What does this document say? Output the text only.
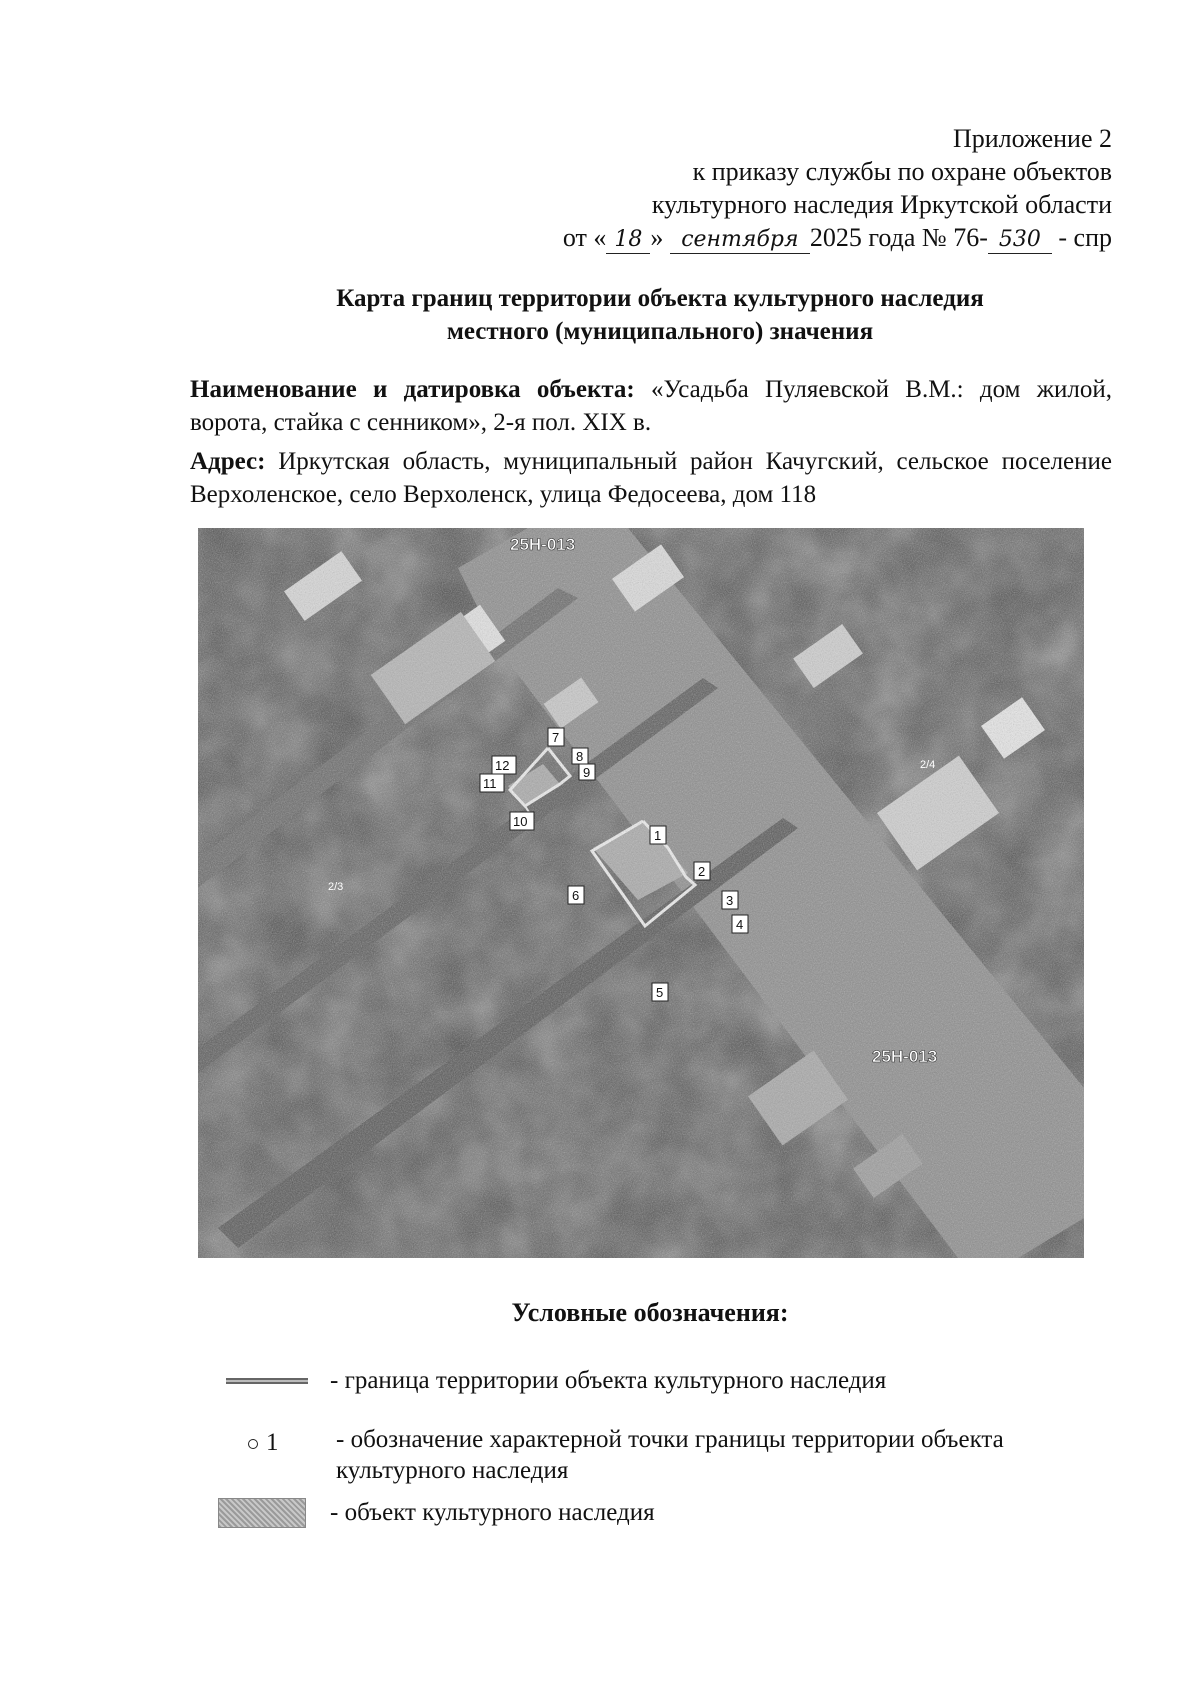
Приложение 2
к приказу службы по охране объектов
культурного наследия Иркутской области
от « 18 » сентября 2025 года № 76- 530 - спр
Карта границ территории объекта культурного наследия
местного (муниципального) значения

Наименование и датировка объекта: «Усадьба Пуляевской В.М.: дом жилой, ворота, стайка с сенником», 2-я пол. XIX в.

Адрес: Иркутская область, муниципальный район Качугский, сельское поселение Верхоленское, село Верхоленск, улица Федосеева, дом 118

25Н-013
25Н-013
2/3
2/4
1
2
3
4
5
6
7
8
9
10
11
12
Условные обозначения:
- граница территории объекта культурного наследия
1 - обозначение характерной точки границы территории объекта
культурного наследия
- объект культурного наследия
